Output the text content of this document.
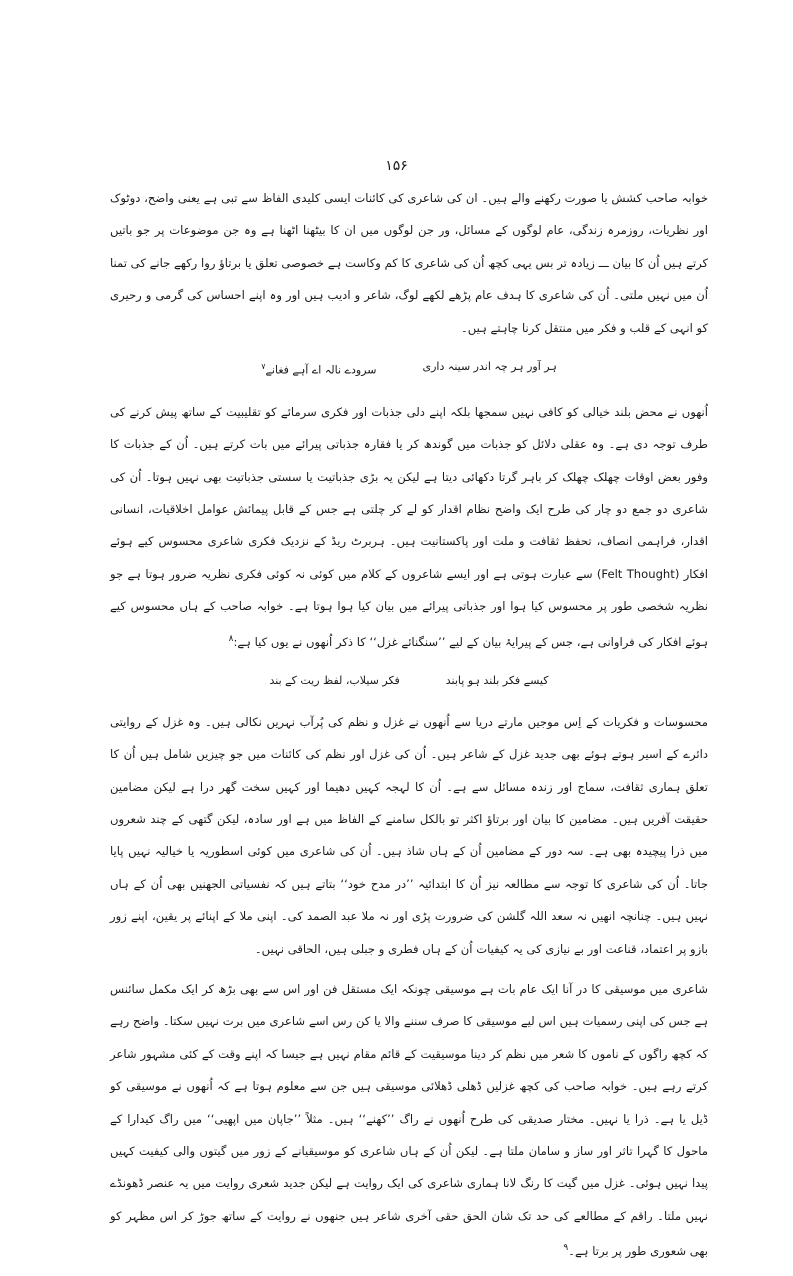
۱۵۶

خوابہ صاحب کشش یا صورت رکھنے والے ہیں۔ ان کی شاعری کی کائنات ایسی کلیدی الفاظ سے تبی ہے یعنی واضح، دوٹوک اور نظریات، روزمرہ زندگی، عام لوگوں کے مسائل، ور جن لوگوں میں ان کا بیٹھنا اٹھنا ہے وہ جن موضوعات پر جو باتیں کرتے ہیں اُن کا بیان ـــ زیادہ تر بس یہی کچھ اُن کی شاعری کا کم وکاست ہے خصوصی تعلق یا برتاؤ روا رکھے جانے کی تمنا اُن میں نہیں ملتی۔ اُن کی شاعری کا ہدف عام پڑھے لکھے لوگ، شاعر و ادیب ہیں اور وہ اپنے احساس کی گرمی و رحیری کو انہی کے قلب و فکر میں منتقل کرنا چاہتے ہیں۔

ہر آور ہر چہ اندر سینہ داری
سرودے نالہ اے آہے فغانے$^۷$

اُنھوں نے محض بلند خیالی کو کافی نہیں سمجھا بلکہ اپنے دلی جذبات اور فکری سرمائے کو تقلیبیت کے ساتھ پیش کرنے کی طرف توجہ دی ہے۔ وہ عقلی دلائل کو جذبات میں گوندھ کر یا فقارہ جذباتی پیرائے میں بات کرتے ہیں۔ اُن کے جذبات کا وفور بعض اوقات چھلک چھلک کر باہر گرتا دکھائی دیتا ہے لیکن یہ بڑی جذباتیت یا سستی جذباتیت بھی نہیں ہوتا۔ اُن کی شاعری دو جمع دو چار کی طرح ایک واضح نظام اقدار کو لے کر چلتی ہے جس کے قابل پیمائش عوامل اخلاقیات، انسانی اقدار، فراہمی انصاف، تحفظ ثقافت و ملت اور پاکستانیت ہیں۔ ہربرٹ ریڈ کے نزدیک فکری شاعری محسوس کیے ہوئے افکار (Felt Thought) سے عبارت ہوتی ہے اور ایسے شاعروں کے کلام میں کوئی نہ کوئی فکری نظریہ ضرور ہوتا ہے جو نظریہ شخصی طور پر محسوس کیا ہوا اور جذباتی پیرائے میں بیان کیا ہوا ہوتا ہے۔ خوابہ صاحب کے ہاں محسوس کیے ہوئے افکار کی فراوانی ہے، جس کے پیرایۂ بیان کے لیے ’’سنگنائے غزل‘‘ کا ذکر اُنھوں نے یوں کیا ہے:$^۸$

کیسے فکر بلند ہو پابند
فکر سیلاب، لفظ ریت کے بند

محسوسات و فکریات کے اِس موجیں مارتے دریا سے اُنھوں نے غزل و نظم کی پُرآب نہریں نکالی ہیں۔ وہ غزل کے روایتی دائرے کے اسیر ہوتے ہوئے بھی جدید غزل کے شاعر ہیں۔ اُن کی غزل اور نظم کی کائنات میں جو چیزیں شامل ہیں اُن کا تعلق ہماری ثقافت، سماج اور زندہ مسائل سے ہے۔ اُن کا لہجہ کہیں دھیما اور کہیں سخت گھر درا ہے لیکن مضامین حقیقت آفریں ہیں۔ مضامین کا بیان اور برتاؤ اکثر تو بالکل سامنے کے الفاظ میں ہے اور سادہ، لیکن گتھی کے چند شعروں میں ذرا پیچیدہ بھی ہے۔ سہ دور کے مضامین اُن کے ہاں شاذ ہیں۔ اُن کی شاعری میں کوئی اسطوریہ یا خیالیہ نہیں پایا جاتا۔ اُن کی شاعری کا توجہ سے مطالعہ نیز اُن کا ابتدائیہ ’’در مدح خود‘‘ بتاتے ہیں کہ نفسیاتی الجھنیں بھی اُن کے ہاں نہیں ہیں۔ چنانچہ انھیں نہ سعد اللہ گلشن کی ضرورت پڑی اور نہ ملا عبد الصمد کی۔ اپنی ملا کے اپنائے پر یقین، اپنے زور بازو پر اعتماد، قناعت اور بے نیازی کی یہ کیفیات اُن کے ہاں فطری و جبلی ہیں، الحاقی نہیں۔

شاعری میں موسیقی کا در آنا ایک عام بات ہے موسیقی چونکہ ایک مستقل فن اور اس سے بھی بڑھ کر ایک مکمل سائنس ہے جس کی اپنی رسمیات ہیں اس لیے موسیقی کا صرف سننے والا یا کن رس اسے شاعری میں برت نہیں سکتا۔ واضح رہے کہ کچھ راگوں کے ناموں کا شعر میں نظم کر دینا موسیقیت کے قائم مقام نہیں ہے جیسا کہ اپنے وقت کے کئی مشہور شاعر کرتے رہے ہیں۔ خوابہ صاحب کی کچھ غزلیں ڈھلی ڈھلائی موسیقی ہیں جن سے معلوم ہوتا ہے کہ اُنھوں نے موسیقی کو ڈیل یا ہے۔ ذرا یا نہیں۔ مختار صدیقی کی طرح اُنھوں نے راگ ’’کھنے‘‘ ہیں۔ مثلاً ’’جاپان میں اپھیی‘‘ میں راگ کیدارا کے ماحول کا گہرا تاثر اور ساز و سامان ملتا ہے۔ لیکن اُن کے ہاں شاعری کو موسیقیانے کے زور میں گیتوں والی کیفیت کہیں پیدا نہیں ہوئی۔ غزل میں گیت کا رنگ لانا ہماری شاعری کی ایک روایت ہے لیکن جدید شعری روایت میں یہ عنصر ڈھونڈے نہیں ملتا۔ راقم کے مطالعے کی حد تک شان الحق حقی آخری شاعر ہیں جنھوں نے روایت کے ساتھ جوڑ کر اس مظہر کو بھی شعوری طور پر برتا ہے۔$^۹$
